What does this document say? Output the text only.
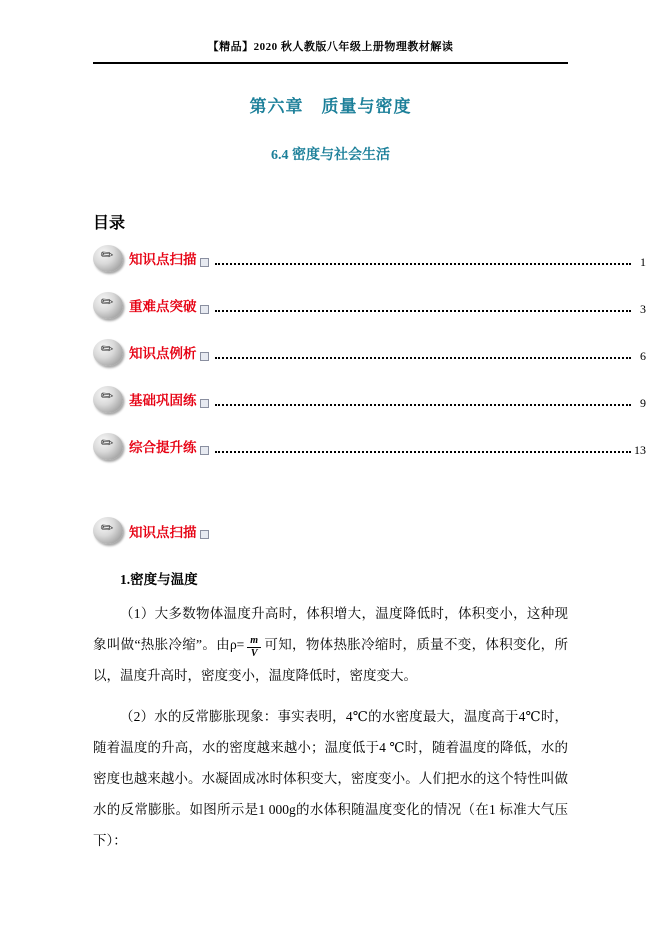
【精品】2020 秋人教版八年级上册物理教材解读
第六章　质量与密度
6.4 密度与社会生活
目录
✎ 知识点扫描	1
✎ 重难点突破	3
✎ 知识点例析	6
✎ 基础巩固练	9
✎ 综合提升练	13
✎ 知识点扫描
1.密度与温度

（1）大多数物体温度升高时，体积增大，温度降低时，体积变小，这种现象叫做“热胀冷缩”。由$\rho= \frac{m}{V}$ 可知，物体热胀冷缩时，质量不变，体积变化，所以，温度升高时，密度变小，温度降低时，密度变大。

（2）水的反常膨胀现象：事实表明，4℃的水密度最大，温度高于4℃时，随着温度的升高，水的密度越来越小；温度低于4 ℃时，随着温度的降低，水的密度也越来越小。水凝固成冰时体积变大，密度变小。人们把水的这个特性叫做水的反常膨胀。如图所示是1 000g的水体积随温度变化的情况（在1 标准大气压下）：
